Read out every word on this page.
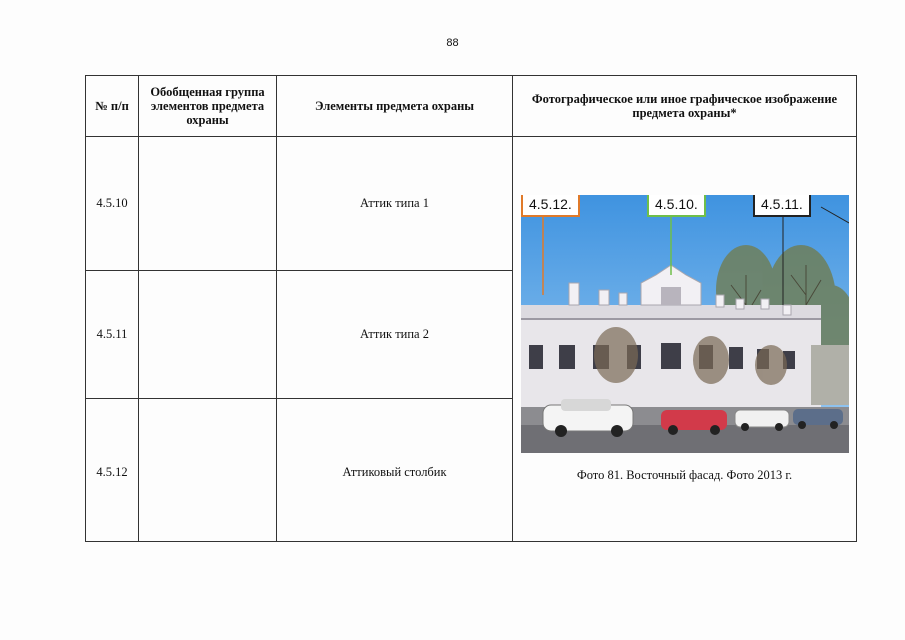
88
№ п/п	Обобщенная группа элементов предмета охраны	Элементы предмета охраны	Фотографическое или иное графическое изображение предмета охраны*
4.5.10		Аттик типа 1	4.5.12. 4.5.10. 4.5.11.
Фото 81. Восточный фасад. Фото 2013 г.

4.5.11		Аттик типа 2	
4.5.12		Аттиковый столбик	
